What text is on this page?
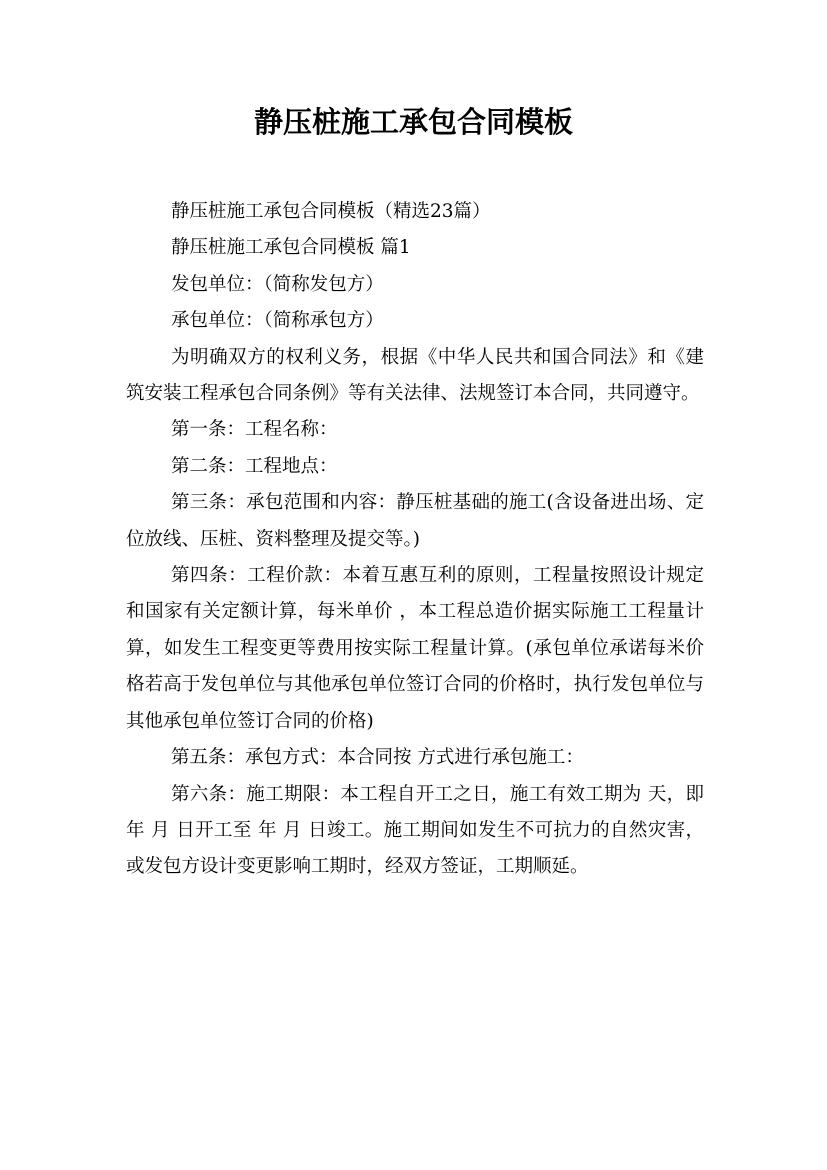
静压桩施工承包合同模板

静压桩施工承包合同模板（精选23篇）

静压桩施工承包合同模板 篇1

发包单位：（简称发包方）

承包单位：（简称承包方）

为明确双方的权利义务，根据《中华人民共和国合同法》和《建筑安装工程承包合同条例》等有关法律、法规签订本合同，共同遵守。

第一条：工程名称：

第二条：工程地点：

第三条：承包范围和内容：静压桩基础的施工(含设备进出场、定位放线、压桩、资料整理及提交等。)

第四条：工程价款：本着互惠互利的原则，工程量按照设计规定和国家有关定额计算，每米单价 ，本工程总造价据实际施工工程量计算，如发生工程变更等费用按实际工程量计算。(承包单位承诺每米价格若高于发包单位与其他承包单位签订合同的价格时，执行发包单位与其他承包单位签订合同的价格)

第五条：承包方式：本合同按 方式进行承包施工：

第六条：施工期限：本工程自开工之日，施工有效工期为 天，即 年 月 日开工至 年 月 日竣工。施工期间如发生不可抗力的自然灾害，或发包方设计变更影响工期时，经双方签证，工期顺延。
